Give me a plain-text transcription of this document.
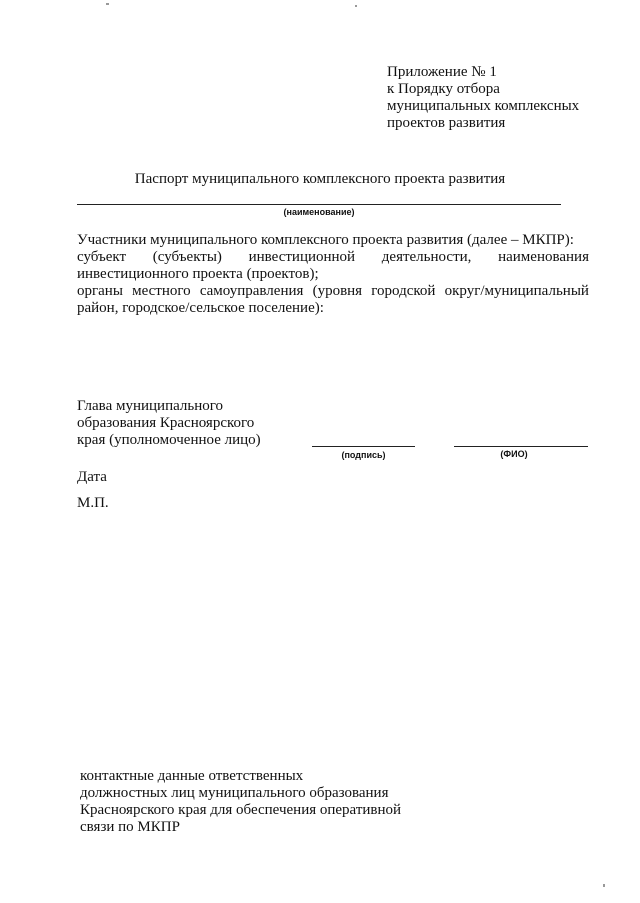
Приложение № 1
к Порядку отбора
муниципальных комплексных
проектов развития
Паспорт муниципального комплексного проекта развития
(наименование)
Участники муниципального комплексного проекта развития (далее – МКПР):
субъект (субъекты) инвестиционной деятельности, наименования
инвестиционного проекта (проектов);
органы местного самоуправления (уровня городской округ/муниципальный
район, городское/сельское поселение):
Глава муниципального
образования Красноярского
края (уполномоченное лицо)
(подпись)	(ФИО)
Дата
М.П.
контактные данные ответственных
должностных лиц муниципального образования
Красноярского края для обеспечения оперативной
связи по МКПР
